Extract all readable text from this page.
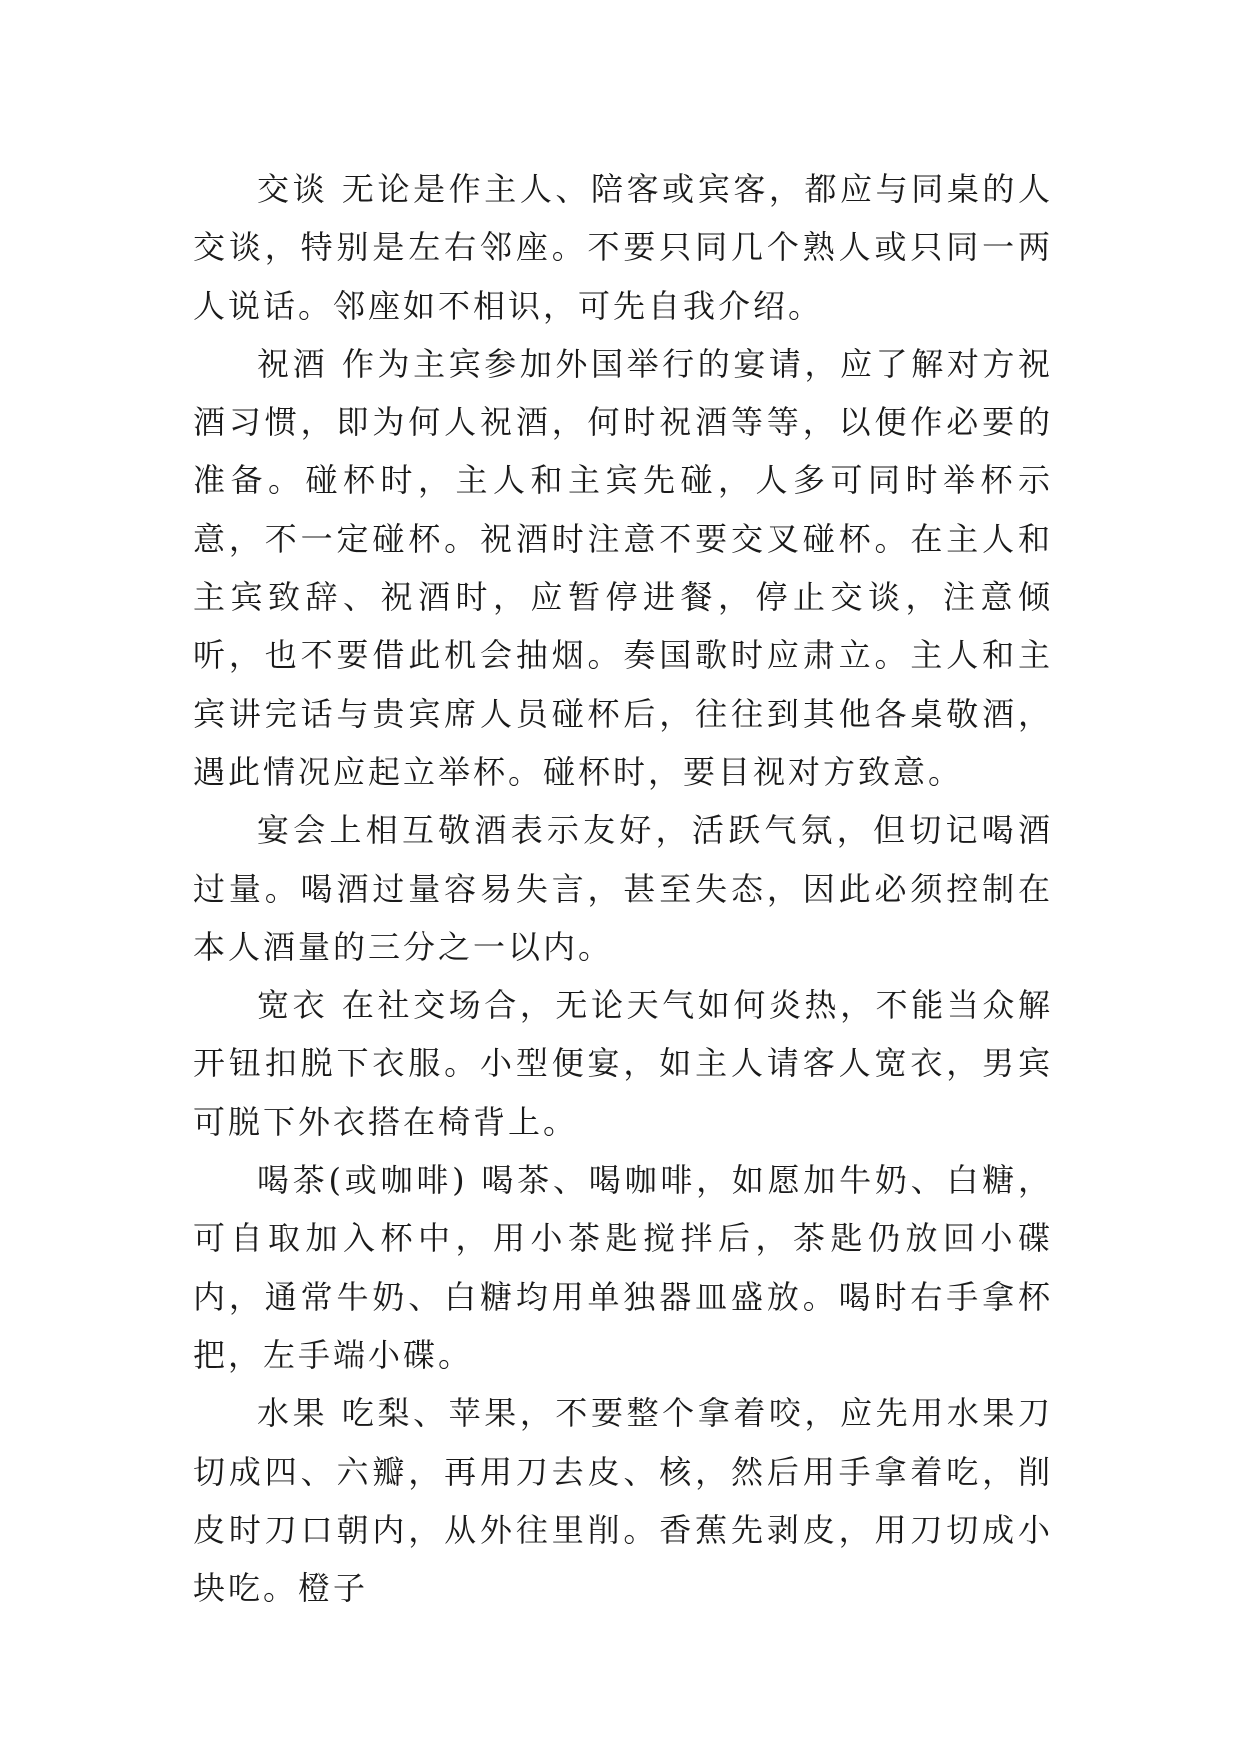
交谈 无论是作主人、陪客或宾客，都应与同桌的人交谈，特别是左右邻座。不要只同几个熟人或只同一两人说话。邻座如不相识，可先自我介绍。

祝酒 作为主宾参加外国举行的宴请，应了解对方祝酒习惯，即为何人祝酒，何时祝酒等等，以便作必要的准备。碰杯时，主人和主宾先碰，人多可同时举杯示意，不一定碰杯。祝酒时注意不要交叉碰杯。在主人和主宾致辞、祝酒时，应暂停进餐，停止交谈，注意倾听，也不要借此机会抽烟。奏国歌时应肃立。主人和主宾讲完话与贵宾席人员碰杯后，往往到其他各桌敬酒，遇此情况应起立举杯。碰杯时，要目视对方致意。

宴会上相互敬酒表示友好，活跃气氛，但切记喝酒过量。喝酒过量容易失言，甚至失态，因此必须控制在本人酒量的三分之一以内。

宽衣 在社交场合，无论天气如何炎热，不能当众解开钮扣脱下衣服。小型便宴，如主人请客人宽衣，男宾可脱下外衣搭在椅背上。

喝茶(或咖啡) 喝茶、喝咖啡，如愿加牛奶、白糖，可自取加入杯中，用小茶匙搅拌后，茶匙仍放回小碟内，通常牛奶、白糖均用单独器皿盛放。喝时右手拿杯把，左手端小碟。

水果 吃梨、苹果，不要整个拿着咬，应先用水果刀切成四、六瓣，再用刀去皮、核，然后用手拿着吃，削皮时刀口朝内，从外往里削。香蕉先剥皮，用刀切成小块吃。橙子
